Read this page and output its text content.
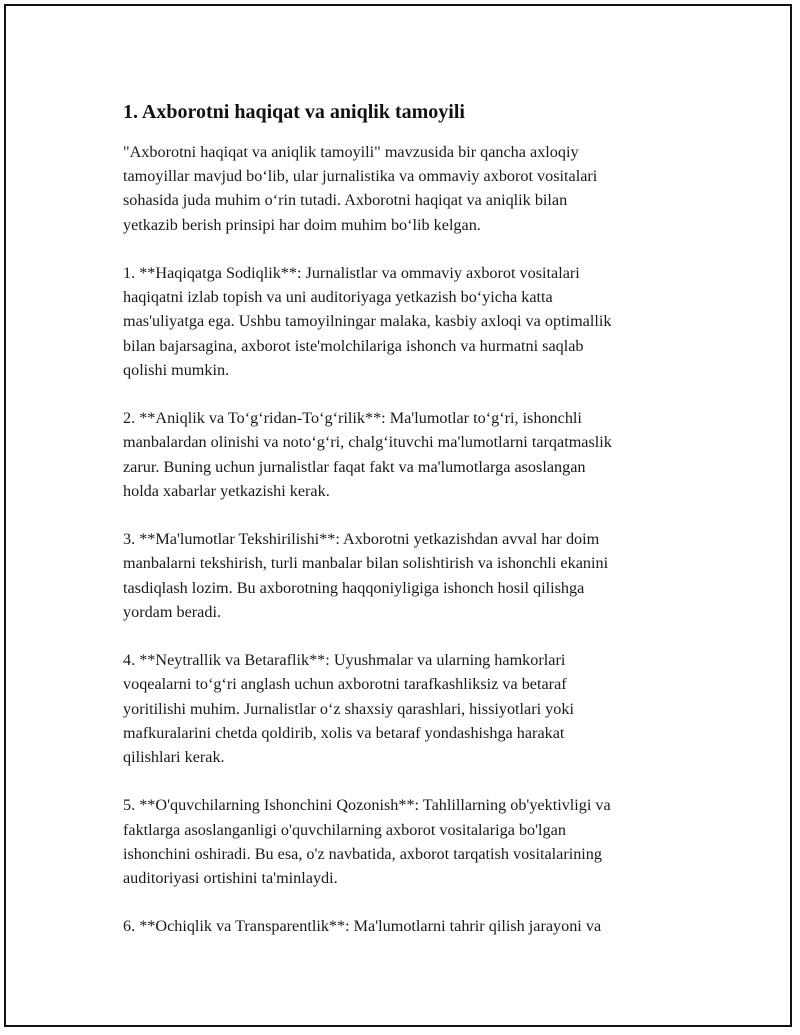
1. Axborotni haqiqat va aniqlik tamoyili
"Axborotni haqiqat va aniqlik tamoyili" mavzusida bir qancha axloqiy
tamoyillar mavjud bo‘lib, ular jurnalistika va ommaviy axborot vositalari
sohasida juda muhim o‘rin tutadi. Axborotni haqiqat va aniqlik bilan
yetkazib berish prinsipi har doim muhim bo‘lib kelgan.
1. **Haqiqatga Sodiqlik**: Jurnalistlar va ommaviy axborot vositalari
haqiqatni izlab topish va uni auditoriyaga yetkazish bo‘yicha katta
mas'uliyatga ega. Ushbu tamoyilningar malaka, kasbiy axloqi va optimallik
bilan bajarsagina, axborot iste'molchilariga ishonch va hurmatni saqlab
qolishi mumkin.
2. **Aniqlik va To‘g‘ridan-To‘g‘rilik**: Ma'lumotlar to‘g‘ri, ishonchli
manbalardan olinishi va noto‘g‘ri, chalg‘ituvchi ma'lumotlarni tarqatmaslik
zarur. Buning uchun jurnalistlar faqat fakt va ma'lumotlarga asoslangan
holda xabarlar yetkazishi kerak.
3. **Ma'lumotlar Tekshirilishi**: Axborotni yetkazishdan avval har doim
manbalarni tekshirish, turli manbalar bilan solishtirish va ishonchli ekanini
tasdiqlash lozim. Bu axborotning haqqoniyligiga ishonch hosil qilishga
yordam beradi.
4. **Neytrallik va Betaraflik**: Uyushmalar va ularning hamkorlari
voqealarni to‘g‘ri anglash uchun axborotni tarafkashliksiz va betaraf
yoritilishi muhim. Jurnalistlar o‘z shaxsiy qarashlari, hissiyotlari yoki
mafkuralarini chetda qoldirib, xolis va betaraf yondashishga harakat
qilishlari kerak.
5. **O'quvchilarning Ishonchini Qozonish**: Tahlillarning ob'yektivligi va
faktlarga asoslanganligi o'quvchilarning axborot vositalariga bo'lgan
ishonchini oshiradi. Bu esa, o'z navbatida, axborot tarqatish vositalarining
auditoriyasi ortishini ta'minlaydi.
6. **Ochiqlik va Transparentlik**: Ma'lumotlarni tahrir qilish jarayoni va
